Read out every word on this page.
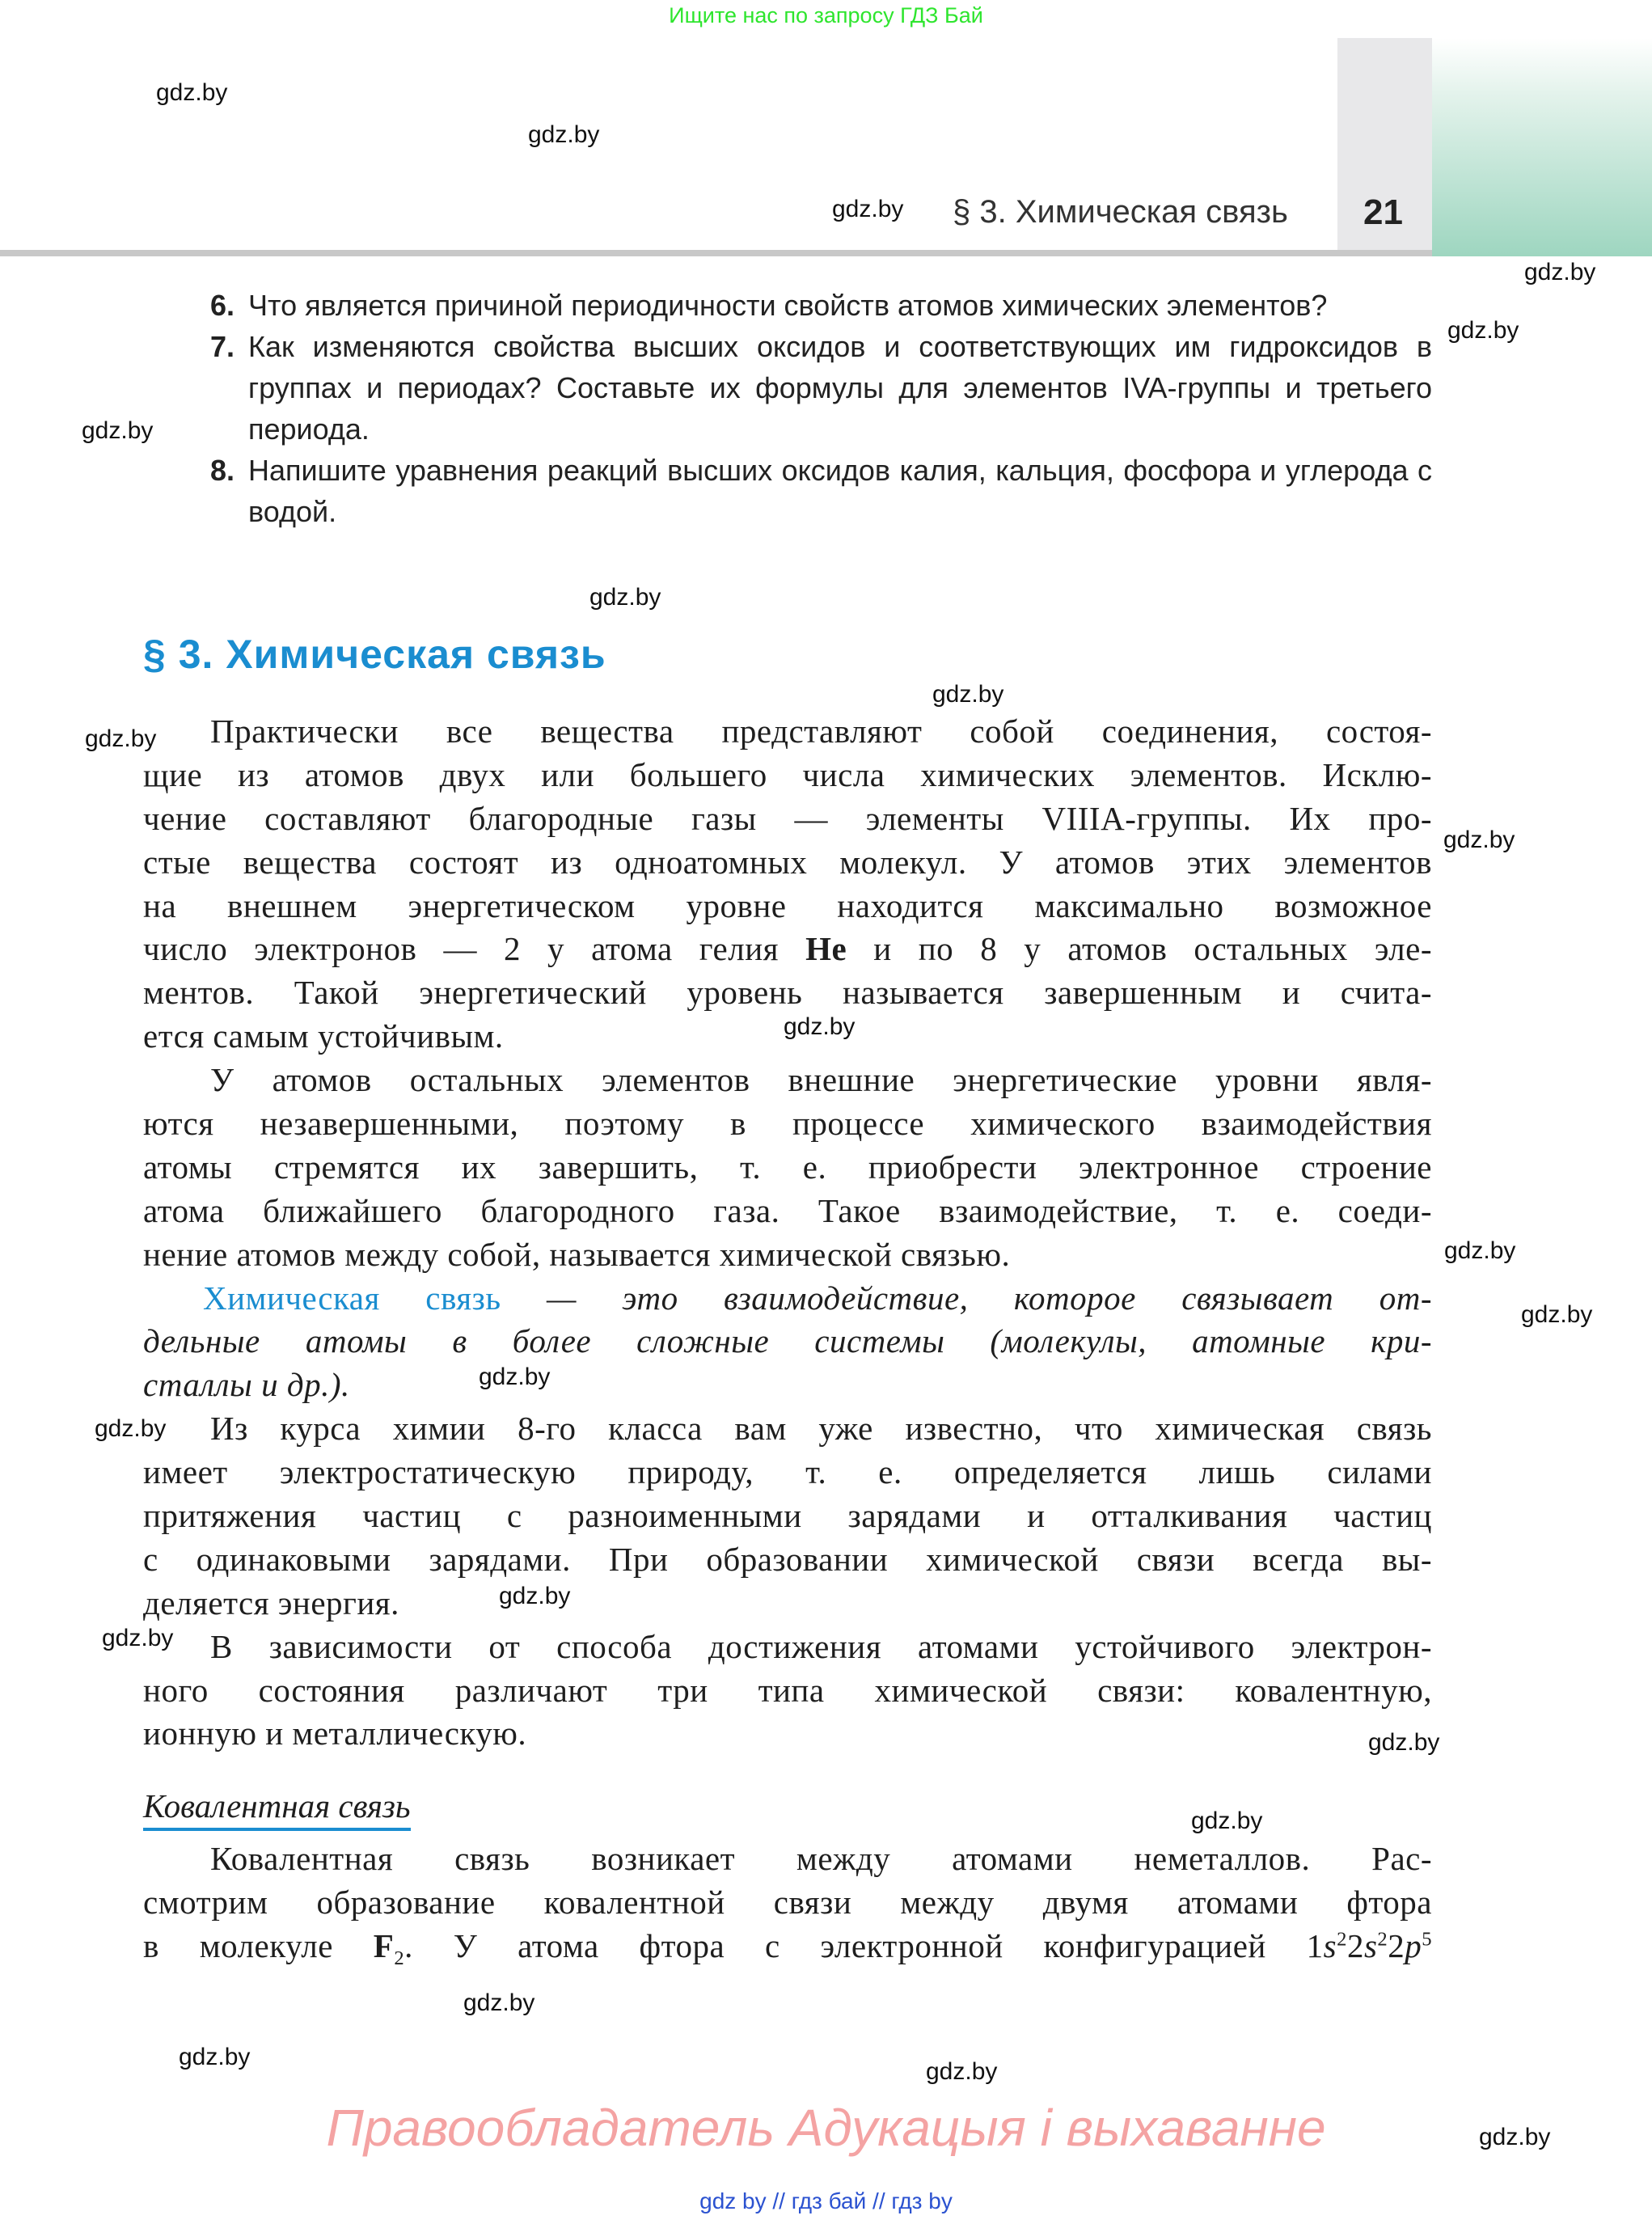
Ищите нас по запросу ГДЗ Бай
§ 3. Химическая связь 21
6. Что является причиной периодичности свойств атомов химических элементов?
7. Как изменяются свойства высших оксидов и соответствующих им гидроксидов в группах и периодах? Составьте их формулы для элементов IVA-группы и третьего периода.
8. Напишите уравнения реакций высших оксидов калия, кальция, фосфора и углерода с водой.
§ 3. Химическая связь
Практически все вещества представляют собой соединения, состоя-
щие из атомов двух или большего числа химических элементов. Исклю-
чение составляют благородные газы — элементы VIIIA-группы. Их про-
стые вещества состоят из одноатомных молекул. У атомов этих элементов
на внешнем энергетическом уровне находится максимально возможное
число электронов — 2 у атома гелия He и по 8 у атомов остальных эле-
ментов. Такой энергетический уровень называется завершенным и счита-
ется самым устойчивым.
У атомов остальных элементов внешние энергетические уровни явля-
ются незавершенными, поэтому в процессе химического взаимодействия
атомы стремятся их завершить, т. е. приобрести электронное строение
атома ближайшего благородного газа. Такое взаимодействие, т. е. соеди-
нение атомов между собой, называется химической связью.
Химическая связь — это взаимодействие, которое связывает от-
дельные атомы в более сложные системы (молекулы, атомные кри-
сталлы и др.).
Из курса химии 8-го класса вам уже известно, что химическая связь
имеет электростатическую природу, т. е. определяется лишь силами
притяжения частиц с разноименными зарядами и отталкивания частиц
с одинаковыми зарядами. При образовании химической связи всегда вы-
деляется энергия.
В зависимости от способа достижения атомами устойчивого электрон-
ного состояния различают три типа химической связи: ковалентную,
ионную и металлическую.
Ковалентная связь
Ковалентная связь возникает между атомами неметаллов. Рас-
смотрим образование ковалентной связи между двумя атомами фтора
в молекуле $F_2$. У атома фтора с электронной конфигурацией $1s^22s^22p^5$
gdz.by
gdz.by
gdz.by
gdz.by
gdz.by
gdz.by
gdz.by
gdz.by
gdz.by
gdz.by
gdz.by
gdz.by
gdz.by
gdz.by
gdz.by
gdz.by
gdz.by
gdz.by
gdz.by
gdz.by
gdz.by
gdz.by
gdz.by
Правообладатель Адукацыя і выхаванне
gdz by // гдз бай // гдз by
